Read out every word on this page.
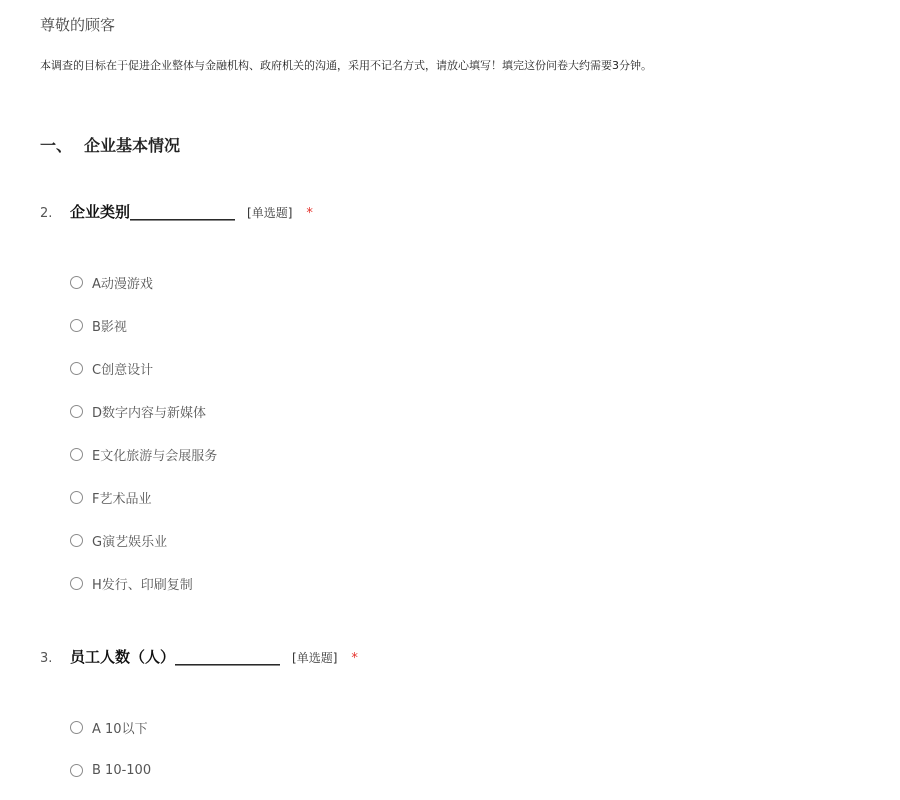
尊敬的顾客
本调查的目标在于促进企业整体与金融机构、政府机关的沟通，采用不记名方式，请放心填写！填完这份问卷大约需要3分钟。
一、 企业基本情况
2. 企业类别______________ [单选题] *
A动漫游戏
B影视
C创意设计
D数字内容与新媒体
E文化旅游与会展服务
F艺术品业
G演艺娱乐业
H发行、印刷复制
3. 员工人数（人）______________ [单选题] *
A 10以下
B 10-100
